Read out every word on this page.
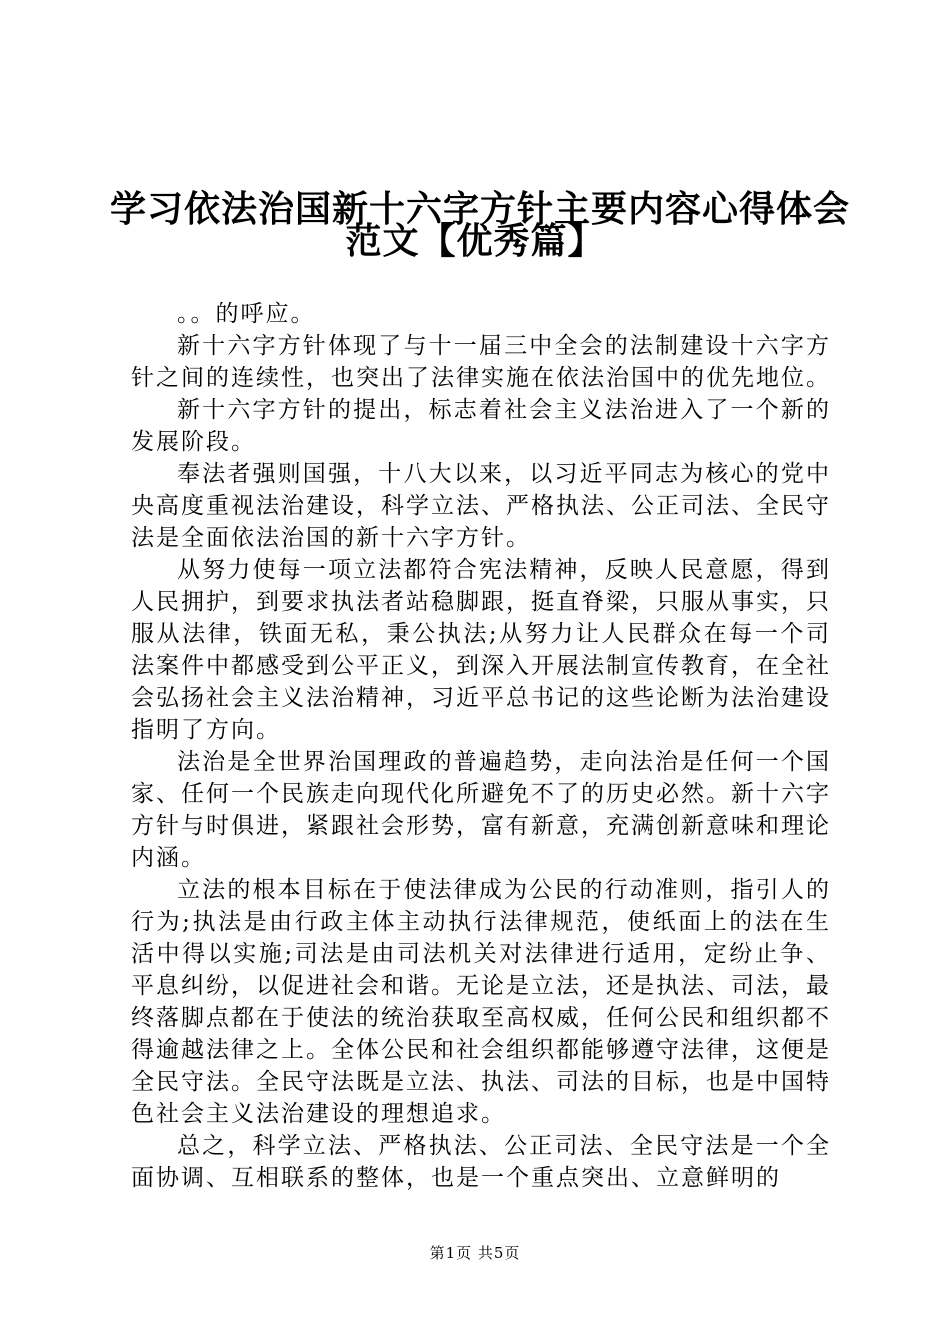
学习依法治国新十六字方针主要内容心得体会
范文【优秀篇】

。。的呼应。

新十六字方针体现了与十一届三中全会的法制建设十六字方针之间的连续性，也突出了法律实施在依法治国中的优先地位。

新十六字方针的提出，标志着社会主义法治进入了一个新的发展阶段。

奉法者强则国强，十八大以来，以习近平同志为核心的党中央高度重视法治建设，科学立法、严格执法、公正司法、全民守法是全面依法治国的新十六字方针。

从努力使每一项立法都符合宪法精神，反映人民意愿，得到人民拥护，到要求执法者站稳脚跟，挺直脊梁，只服从事实，只服从法律，铁面无私，秉公执法;从努力让人民群众在每一个司法案件中都感受到公平正义，到深入开展法制宣传教育，在全社会弘扬社会主义法治精神，习近平总书记的这些论断为法治建设指明了方向。

法治是全世界治国理政的普遍趋势，走向法治是任何一个国家、任何一个民族走向现代化所避免不了的历史必然。新十六字方针与时俱进，紧跟社会形势，富有新意，充满创新意味和理论内涵。

立法的根本目标在于使法律成为公民的行动准则，指引人的行为;执法是由行政主体主动执行法律规范，使纸面上的法在生活中得以实施;司法是由司法机关对法律进行适用，定纷止争、平息纠纷，以促进社会和谐。无论是立法，还是执法、司法，最终落脚点都在于使法的统治获取至高权威，任何公民和组织都不得逾越法律之上。全体公民和社会组织都能够遵守法律，这便是全民守法。全民守法既是立法、执法、司法的目标，也是中国特色社会主义法治建设的理想追求。

总之，科学立法、严格执法、公正司法、全民守法是一个全面协调、互相联系的整体，也是一个重点突出、立意鲜明的

第1页 共5页
